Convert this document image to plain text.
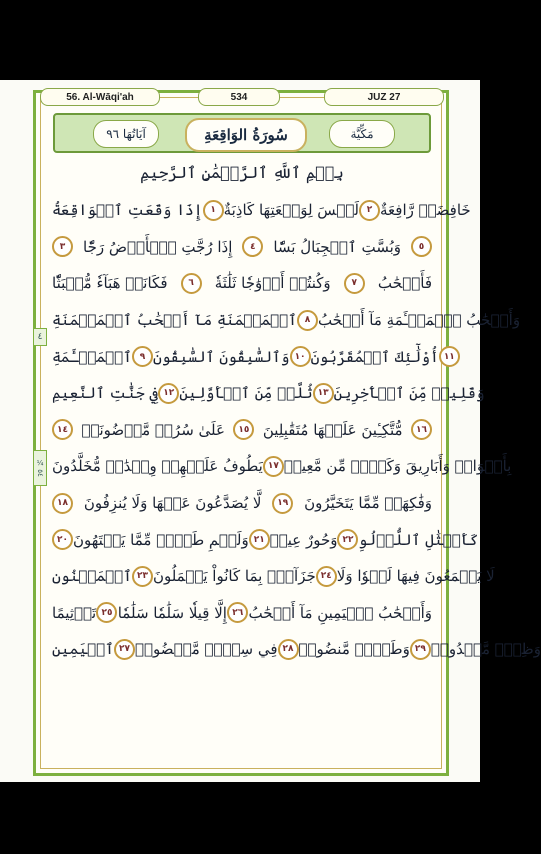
56. Al-Wāqi'ah	534	JUZ 27
آيَاتُهَا ٩٦	سُورَةُ الوَاقِعَةِ	مَكِّيَّة
بِسۡمِ ٱللَّهِ ٱلرَّحۡمَٰنِ ٱلرَّحِيمِ
٤
¼ ٥٤
إِذَا وَقَعَتِ ٱلۡوَاقِعَةُ ١ لَيۡسَ لِوَقۡعَتِهَا كَاذِبَةٌ ٢ خَافِضَةٞ رَّافِعَةٌ
٣	إِذَا رُجَّتِ ٱلۡأَرۡضُ رَجّٗا	٤	وَبُسَّتِ ٱلۡجِبَالُ بَسّٗا	٥
فَكَانَتۡ هَبَآءٗ مُّنۢبَثّٗا	٦	وَكُنتُمۡ أَزۡوَٰجٗا ثَلَٰثَةٗ	٧	فَأَصۡحَٰبُ
ٱلۡمَيۡمَنَةِ مَآ أَصۡحَٰبُ ٱلۡمَيۡمَنَةِ ٨ وَأَصۡحَٰبُ ٱلۡمَشۡـَٔمَةِ مَآ أَصۡحَٰبُ
ٱلۡمَشۡـَٔمَةِ ٩ وَٱلسَّٰبِقُونَ ٱلسَّٰبِقُونَ ١٠ أُوْلَٰٓئِكَ ٱلۡمُقَرَّبُونَ ١١
فِي جَنَّٰتِ ٱلنَّعِيمِ ١٢ ثُلَّةٞ مِّنَ ٱلۡأَوَّلِينَ ١٣ وَقَلِيلٞ مِّنَ ٱلۡأٓخِرِينَ
١٤ عَلَىٰ سُرُرٖ مَّوۡضُونَةٖ	١٥ مُّتَّكِـِٔينَ عَلَيۡهَا مُتَقَٰبِلِينَ	١٦
يَطُوفُ عَلَيۡهِمۡ وِلۡدَٰنٞ مُّخَلَّدُونَ ١٧ بِأَكۡوَابٖ وَأَبَارِيقَ وَكَأۡسٖ مِّن مَّعِينٖ
١٨	لَّا يُصَدَّعُونَ عَنۡهَا وَلَا يُنزِفُونَ	١٩	وَفَٰكِهَةٖ مِّمَّا يَتَخَيَّرُونَ
٢٠ وَلَحۡمِ طَيۡرٖ مِّمَّا يَشۡتَهُونَ ٢١ وَحُورٌ عِينٞ ٢٢ كَأَمۡثَٰلِ ٱللُّؤۡلُوِ
ٱلۡمَكۡنُونِ ٢٣ جَزَآءَۢ بِمَا كَانُواْ يَعۡمَلُونَ ٢٤ لَا يَسۡمَعُونَ فِيهَا لَغۡوٗا وَلَا
تَأۡثِيمًا ٢٥ إِلَّا قِيلٗا سَلَٰمٗا سَلَٰمٗا ٢٦ وَأَصۡحَٰبُ ٱلۡيَمِينِ مَآ أَصۡحَٰبُ
ٱلۡيَمِينِ ٢٧ فِي سِدۡرٖ مَّخۡضُودٖ ٢٨ وَطَلۡحٖ مَّنضُودٖ ٢٩ وَظِلّٖ مَّمۡدُودٖ
